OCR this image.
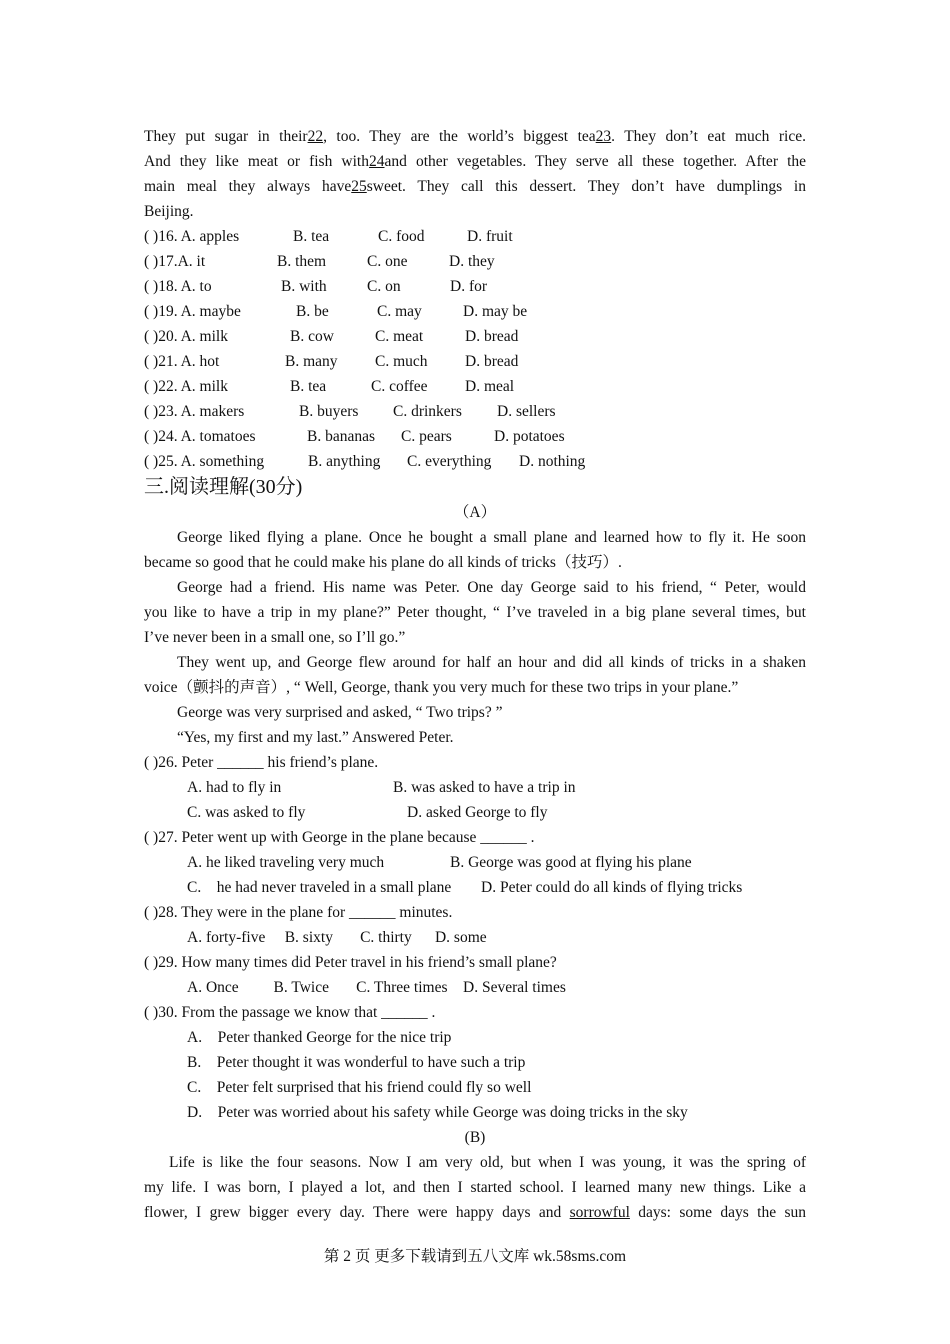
They put sugar in their22, too. They are the world’s biggest tea23. They don’t eat much rice.
And they like meat or fish with24and other vegetables. They serve all these together. After the
main meal they always have25sweet. They call this dessert. They don’t have dumplings in
Beijing.
( )16. A. apples	B. tea	C. food	D. fruit
( )17.A. it	B. them	C. one	D. they
( )18. A. to	B. with	C. on	D. for
( )19. A. maybe	B. be	C. may	D. may be
( )20. A. milk	B. cow	C. meat	D. bread
( )21. A. hot	B. many C. much D. bread
( )22. A. milk	B. tea	C. coffee D. meal
( )23. A. makers	B. buyers C. drinkers D. sellers
( )24. A. tomatoes	B. bananas C. pears	D. potatoes
( )25. A. something	B. anything C. everything D. nothing
三.阅读理解(30分)
（A）
George liked flying a plane. Once he bought a small plane and learned how to fly it. He soon
became so good that he could make his plane do all kinds of tricks（技巧）.
George had a friend. His name was Peter. One day George said to his friend, “ Peter, would
you like to have a trip in my plane?” Peter thought, “ I’ve traveled in a big plane several times, but
I’ve never been in a small one, so I’ll go.”
They went up, and George flew around for half an hour and did all kinds of tricks in a shaken
voice（颤抖的声音）, “ Well, George, thank you very much for these two trips in your plane.”
George was very surprised and asked, “ Two trips? ”
“Yes, my first and my last.” Answered Peter.
( )26. Peter ______ his friend’s plane.
A. had to fly in	B. was asked to have a trip in
C. was asked to fly	D. asked George to fly
( )27. Peter went up with George in the plane because ______ .
A. he liked traveling very much	B. George was good at flying his plane
C.    he had never traveled in a small plane D. Peter could do all kinds of flying tricks
( )28. They were in the plane for ______ minutes.
A. forty-five     B. sixty       C. thirty      D. some
( )29. How many times did Peter travel in his friend’s small plane?
A. Once         B. Twice       C. Three times    D. Several times
( )30. From the passage we know that ______ .
A.    Peter thanked George for the nice trip
B.    Peter thought it was wonderful to have such a trip
C.    Peter felt surprised that his friend could fly so well
D.    Peter was worried about his safety while George was doing tricks in the sky
(B)
Life is like the four seasons. Now I am very old, but when I was young, it was the spring of
my life. I was born, I played a lot, and then I started school. I learned many new things. Like a
flower, I grew bigger every day. There were happy days and sorrowful days: some days the sun
第 2 页 更多下载请到五八文库 wk.58sms.com
